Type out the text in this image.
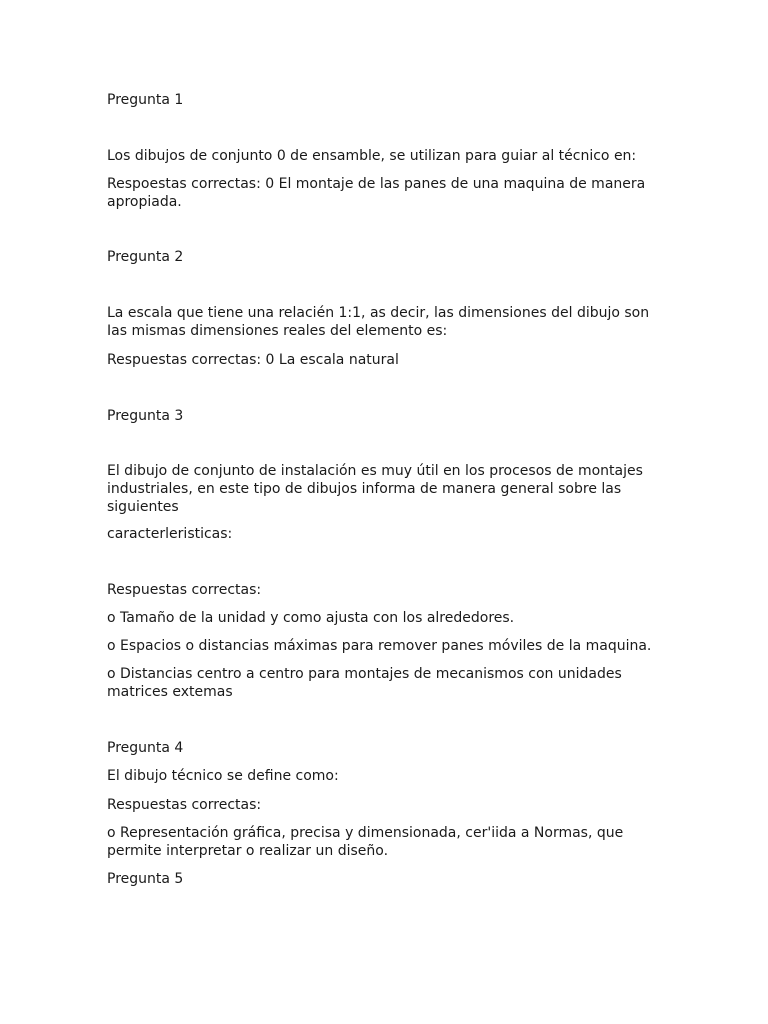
Pregunta 1

Los dibujos de conjunto 0 de ensamble, se utilizan para guiar al técnico en:

Respoestas correctas: 0 El montaje de las panes de una maquina de manera apropiada.

Pregunta 2

La escala que tiene una relacién 1:1, as decir, las dimensiones del dibujo son Ias mismas dimensiones reales del elemento es:

Respuestas correctas: 0 La escala natural

Pregunta 3

El dibujo de conjunto de instalación es muy útil en los procesos de montajes industriales, en este tipo de dibujos informa de manera general sobre las siguientes

caracterleristicas:

Respuestas correctas:

o Tamaño de la unidad y como ajusta con los alrededores.

o Espacios o distancias máximas para remover panes móviles de la maquina.

o Distancias centro a centro para montajes de mecanismos con unidades matrices extemas

Pregunta 4

El dibujo técnico se define como:

Respuestas correctas:

o Representación gráfica, precisa y dimensionada, cer'iida a Normas, que permite interpretar o realizar un diseño.

Pregunta 5
